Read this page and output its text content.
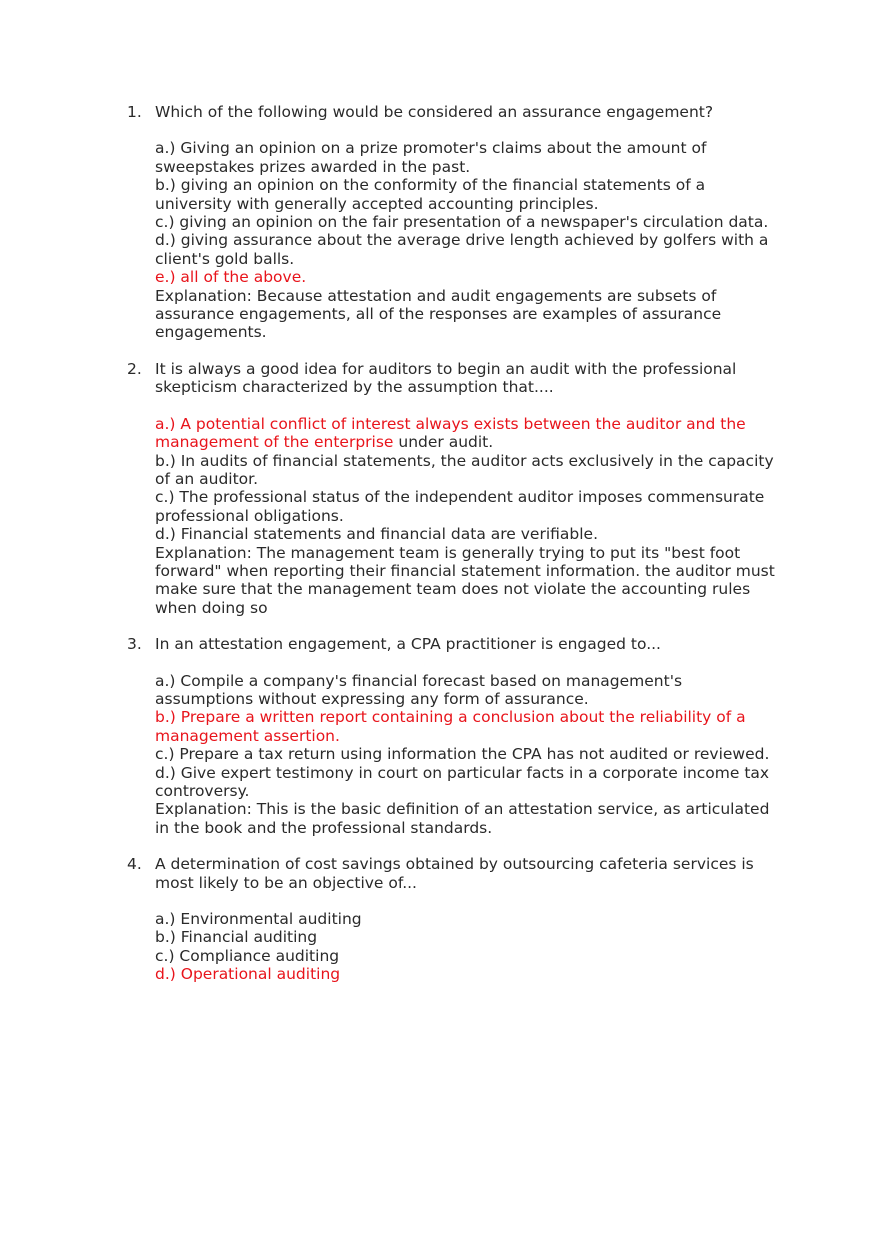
1. Which of the following would be considered an assurance engagement?
a.) Giving an opinion on a prize promoter's claims about the amount of sweepstakes prizes awarded in the past.
b.) giving an opinion on the conformity of the financial statements of a university with generally accepted accounting principles.
c.) giving an opinion on the fair presentation of a newspaper's circulation data.
d.) giving assurance about the average drive length achieved by golfers with a client's gold balls.
e.) all of the above.
Explanation: Because attestation and audit engagements are subsets of assurance engagements, all of the responses are examples of assurance engagements.
2. It is always a good idea for auditors to begin an audit with the professional skepticism characterized by the assumption that....
a.) A potential conflict of interest always exists between the auditor and the management of the enterprise under audit.
b.) In audits of financial statements, the auditor acts exclusively in the capacity of an auditor.
c.) The professional status of the independent auditor imposes commensurate professional obligations.
d.) Financial statements and financial data are verifiable.
Explanation: The management team is generally trying to put its "best foot forward" when reporting their financial statement information. the auditor must make sure that the management team does not violate the accounting rules when doing so
3. In an attestation engagement, a CPA practitioner is engaged to...
a.) Compile a company's financial forecast based on management's assumptions without expressing any form of assurance.
b.) Prepare a written report containing a conclusion about the reliability of a management assertion.
c.) Prepare a tax return using information the CPA has not audited or reviewed.
d.) Give expert testimony in court on particular facts in a corporate income tax controversy.
Explanation: This is the basic definition of an attestation service, as articulated in the book and the professional standards.
4. A determination of cost savings obtained by outsourcing cafeteria services is most likely to be an objective of...
a.) Environmental auditing
b.) Financial auditing
c.) Compliance auditing
d.) Operational auditing
